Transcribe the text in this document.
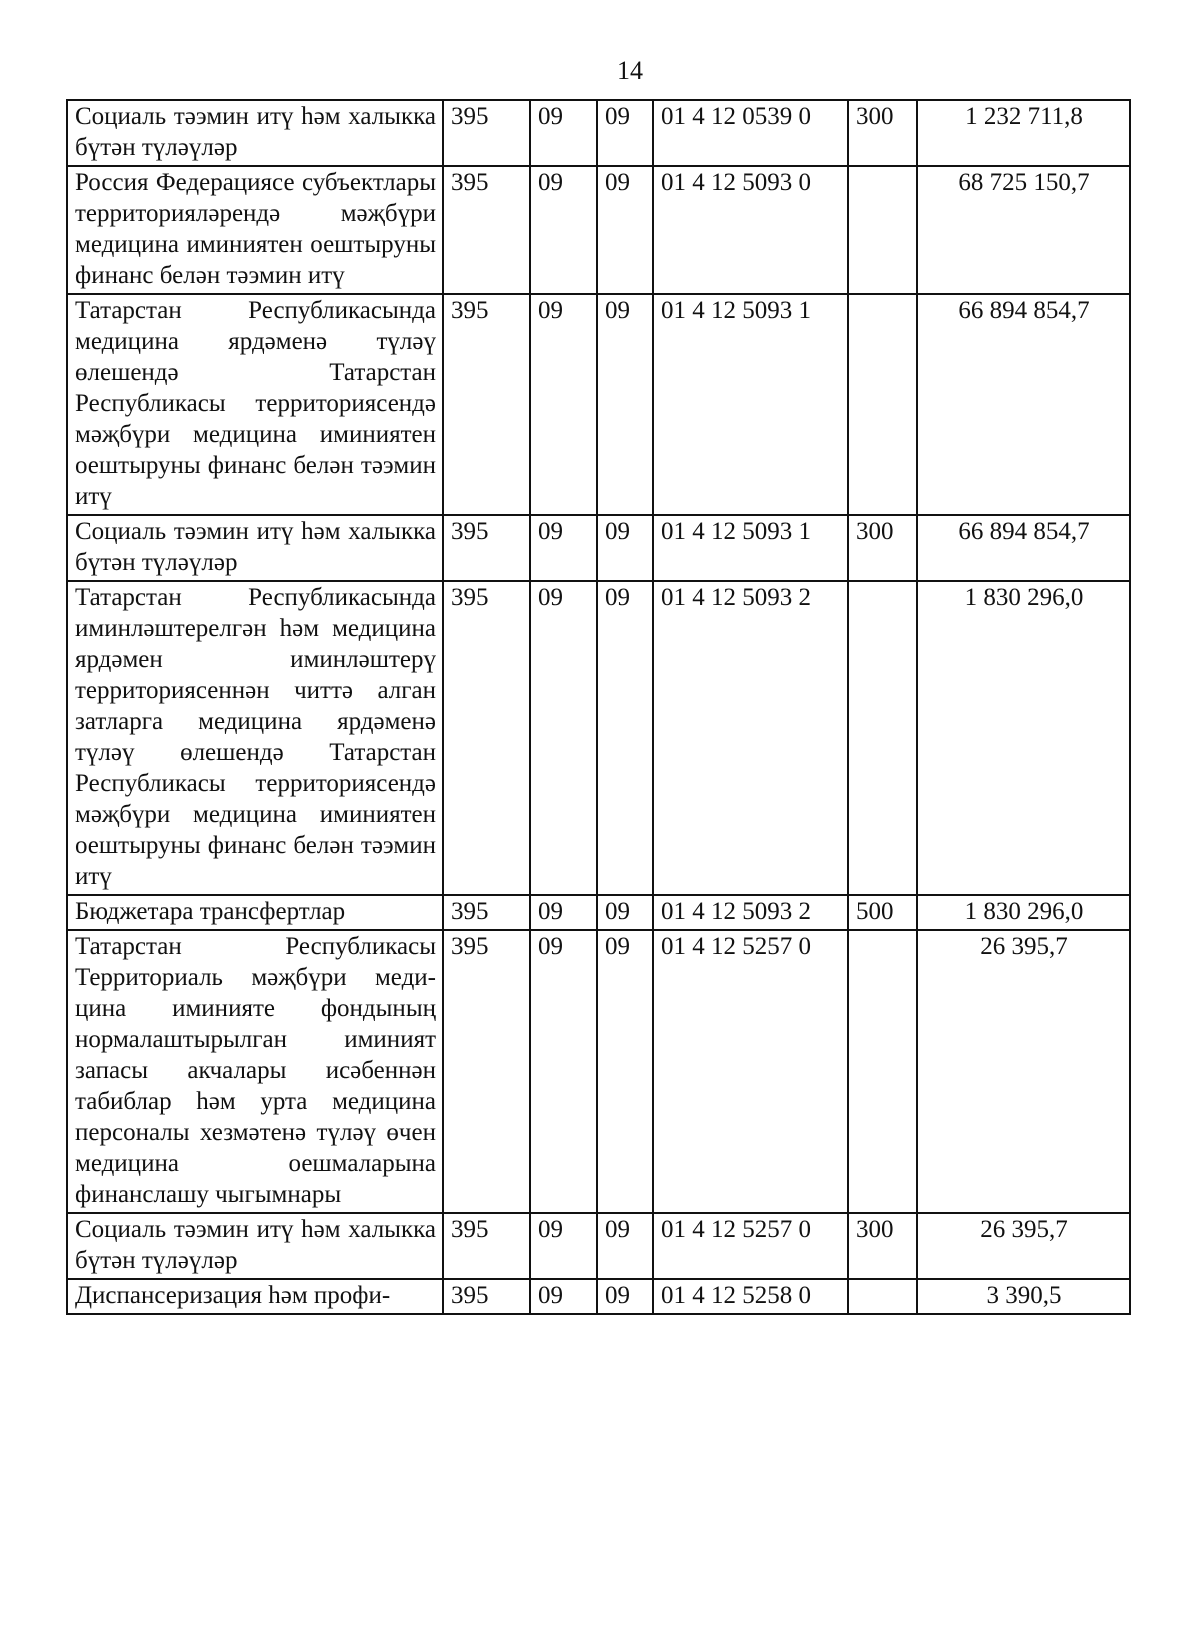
14
Социаль тәэмин итү һәм халыкка бүтән түләүләр	395	09	09	01 4 12 0539 0	300	1 232 711,8
Россия Федерациясе субъектлары территорияләрендә мәҗбүри медицина иминиятен оештыруны финанс белән тәэмин итү	395	09	09	01 4 12 5093 0		68 725 150,7
Татарстан Республикасында медицина ярдәменә түләү өлешендә Татарстан Республикасы территориясендә мәҗбүри медицина иминиятен оештыруны финанс белән тәэмин итү	395	09	09	01 4 12 5093 1		66 894 854,7
Социаль тәэмин итү һәм халыкка бүтән түләүләр	395	09	09	01 4 12 5093 1	300	66 894 854,7
Татарстан Республикасында иминләштерелгән һәм медицина ярдәмен иминләштерү территориясеннән читтә алган затларга медицина ярдәменә түләү өлешендә Татарстан Республикасы территориясендә мәҗбүри медицина иминиятен оештыруны финанс белән тәэмин итү	395	09	09	01 4 12 5093 2		1 830 296,0
Бюджетара трансфертлар	395	09	09	01 4 12 5093 2	500	1 830 296,0
Татарстан Республикасы Территориаль мәҗбүри меди-цина иминияте фондының нормалаштырылган иминият запасы акчалары исәбеннән табиблар һәм урта медицина персоналы хезмәтенә түләү өчен медицина оешмаларына финанслашу чыгымнары	395	09	09	01 4 12 5257 0		26 395,7
Социаль тәэмин итү һәм халыкка бүтән түләүләр	395	09	09	01 4 12 5257 0	300	26 395,7
Диспансеризация һәм профи-	395	09	09	01 4 12 5258 0		3 390,5
